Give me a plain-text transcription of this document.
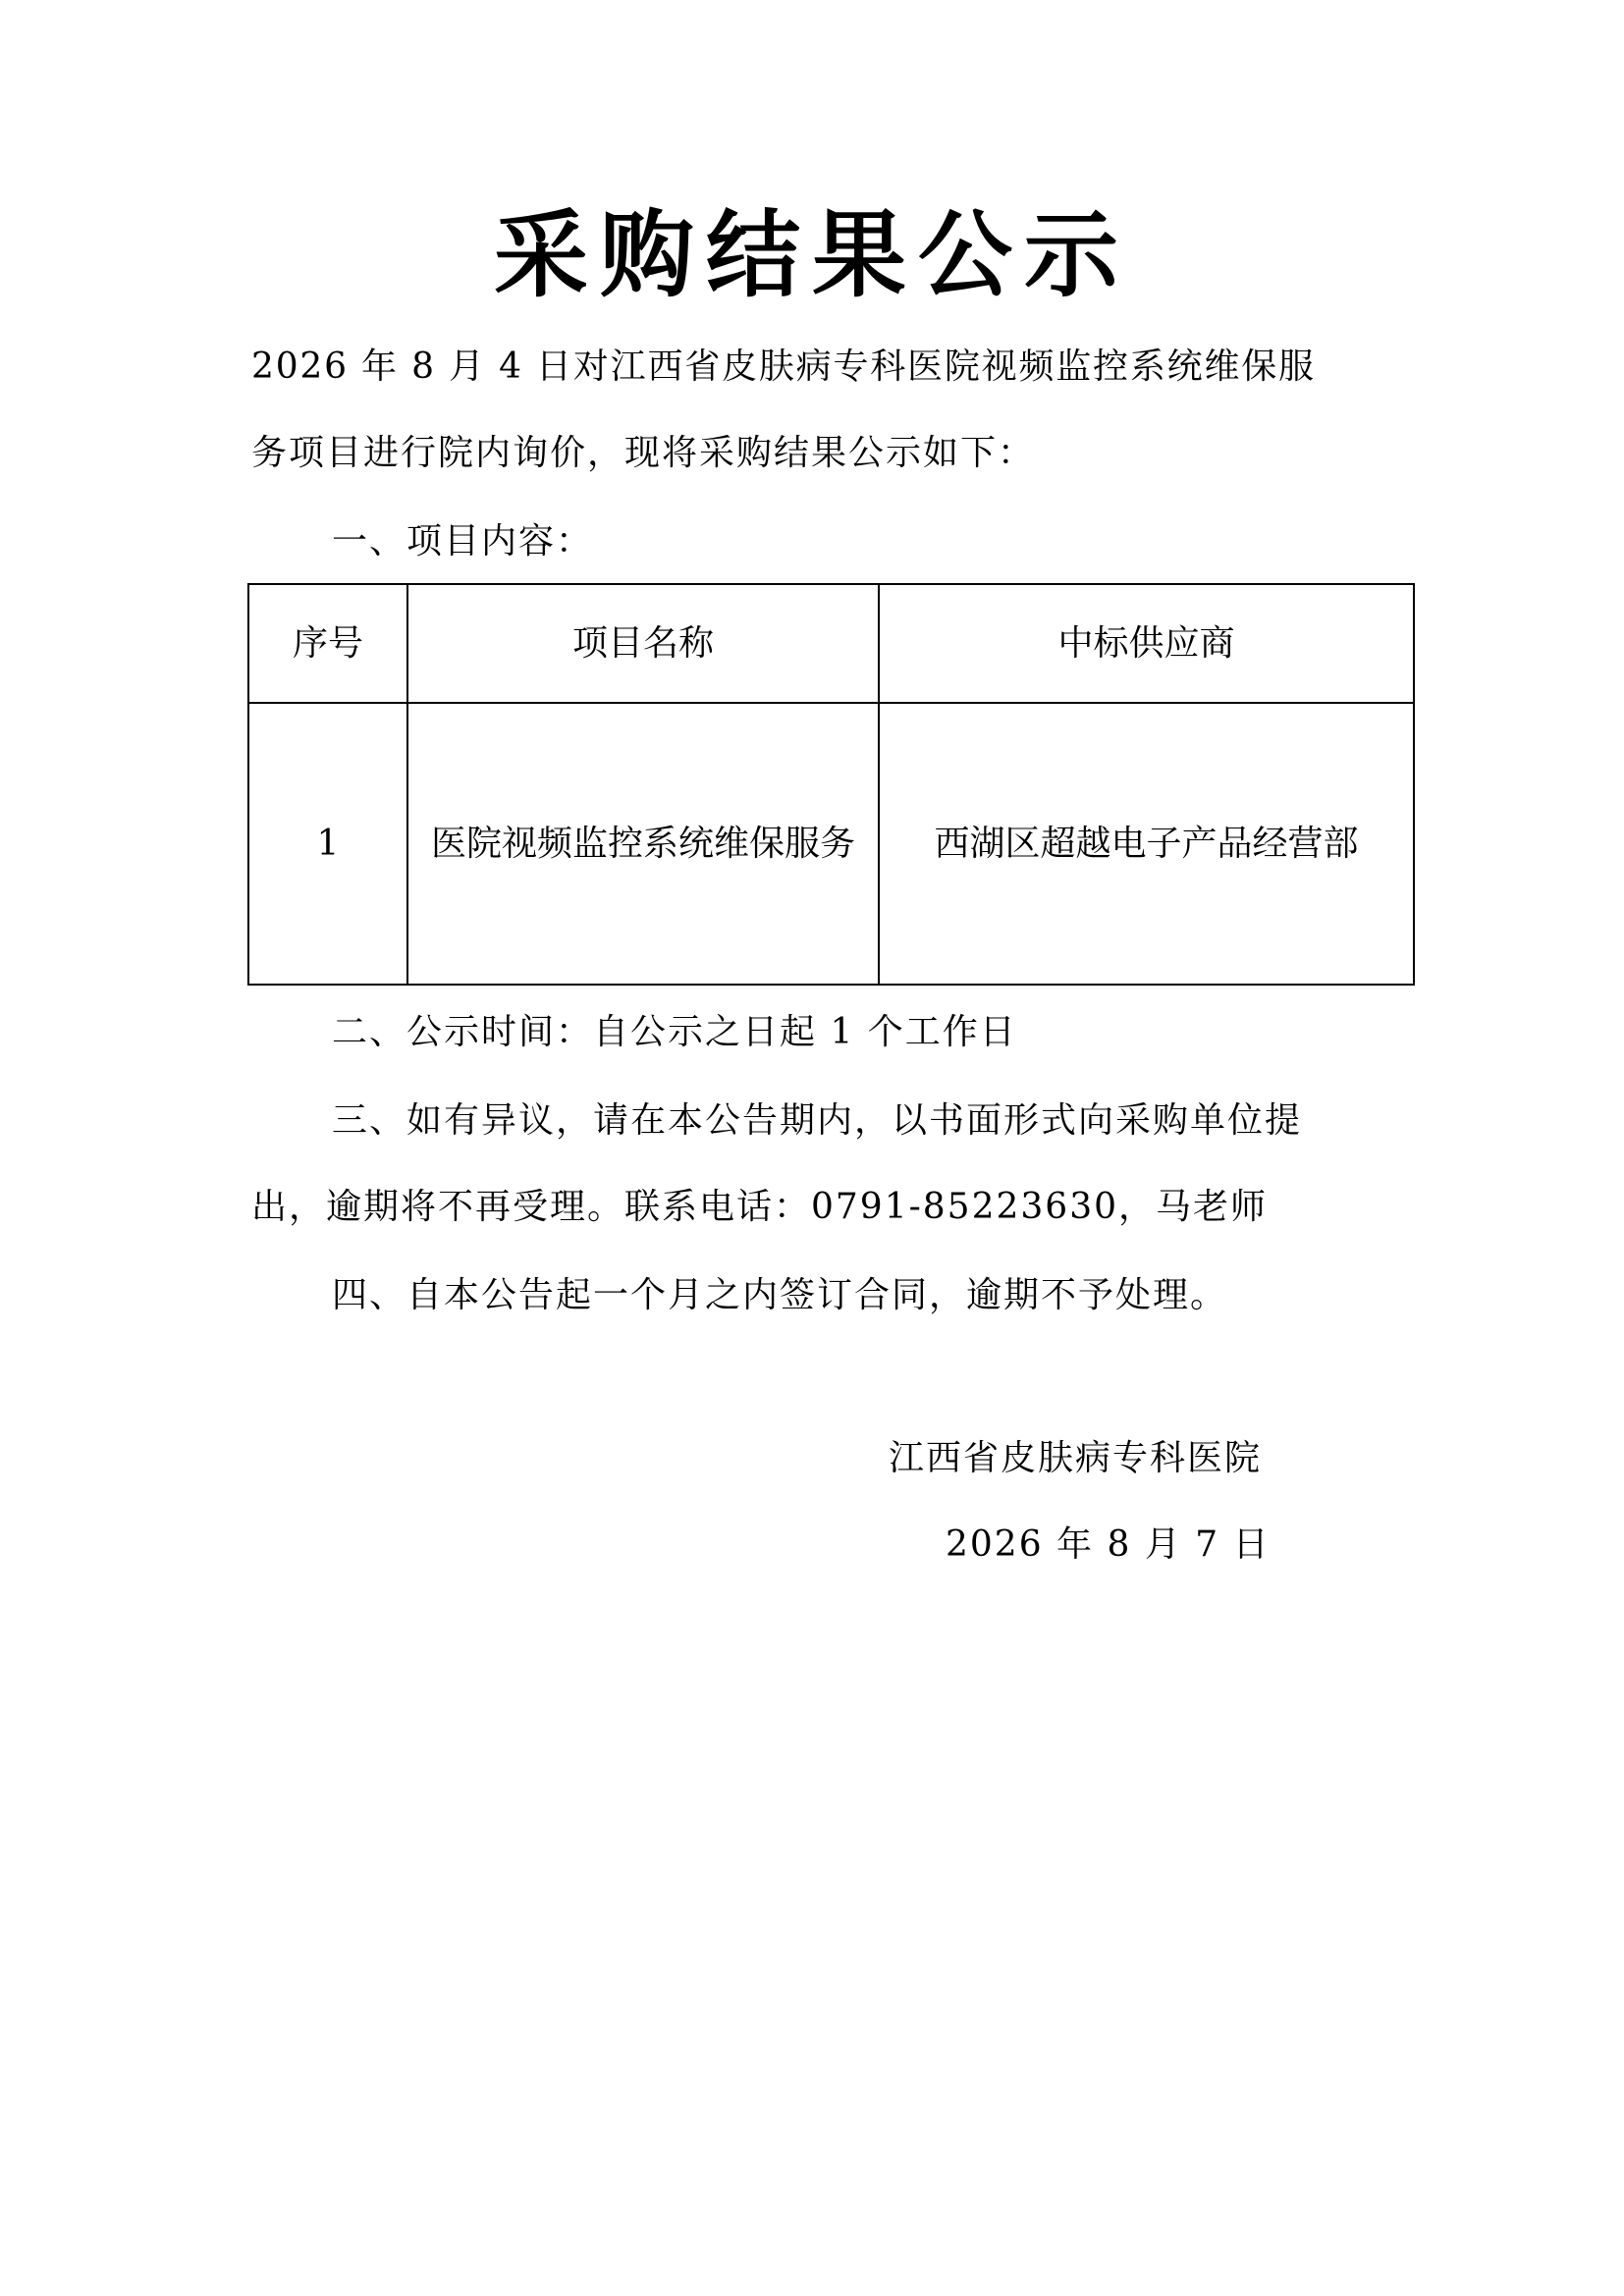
采购结果公示
2026 年 8 月 4 日对江西省皮肤病专科医院视频监控系统维保服
务项目进行院内询价，现将采购结果公示如下：
一、项目内容：
序号	项目名称	中标供应商
1	医院视频监控系统维保服务	西湖区超越电子产品经营部
二、公示时间：自公示之日起 1 个工作日
三、如有异议，请在本公告期内，以书面形式向采购单位提
出，逾期将不再受理。联系电话：0791-85223630，马老师
四、自本公告起一个月之内签订合同，逾期不予处理。
江西省皮肤病专科医院
2026 年 8 月 7 日
